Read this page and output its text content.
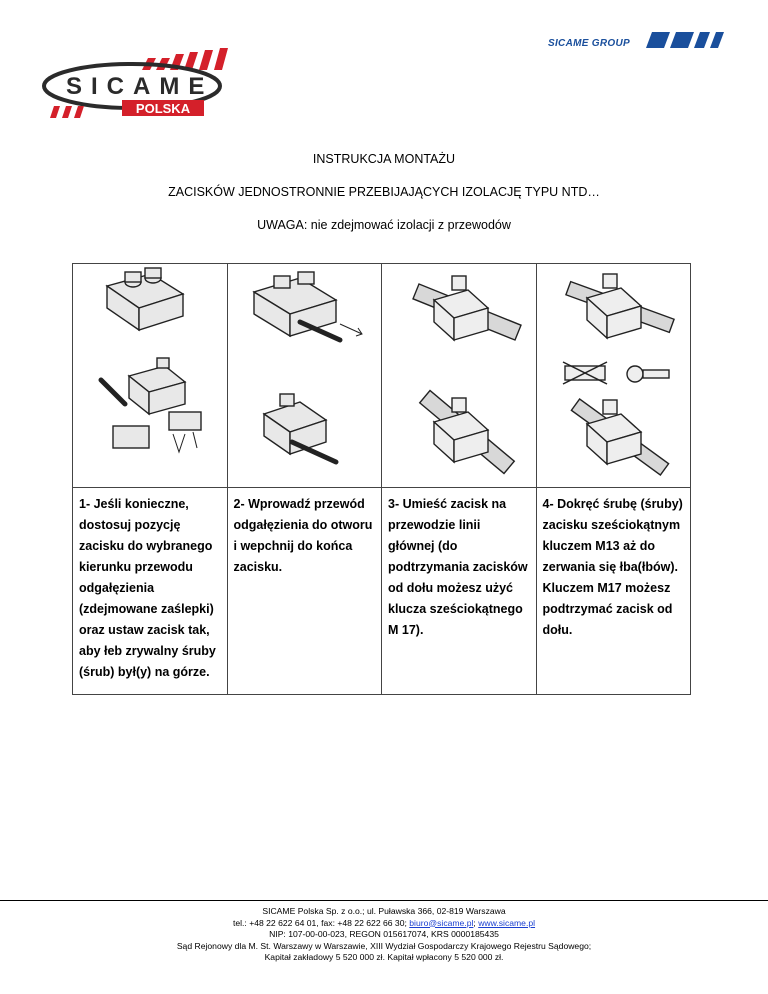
SICAME
POLSKA
SICAME GROUP
INSTRUKCJA MONTAŻU
ZACISKÓW JEDNOSTRONNIE PRZEBIJAJĄCYCH IZOLACJĘ TYPU NTD…
UWAGA: nie zdejmować izolacji z przewodów

1- Jeśli konieczne, dostosuj pozycję zacisku do wybranego kierunku przewodu odgałęzienia (zdejmowane zaślepki) oraz ustaw zacisk tak, aby łeb zrywalny śruby (śrub) był(y) na górze.	2- Wprowadź przewód odgałęzienia do otworu i wepchnij do końca zacisku.	3- Umieść zacisk na przewodzie linii głównej (do podtrzymania zacisków od dołu możesz użyć klucza sześciokątnego M 17).	4- Dokręć śrubę (śruby) zacisku sześciokątnym kluczem M13 aż do zerwania się łba(łbów). Kluczem M17 możesz podtrzymać zacisk od dołu.
SICAME Polska Sp. z o.o.; ul. Puławska 366, 02-819 Warszawa
tel.: +48 22 622 64 01, fax: +48 22 622 66 30; biuro@sicame.pl; www.sicame.pl
NIP: 107-00-00-023, REGON 015617074, KRS 0000185435
Sąd Rejonowy dla M. St. Warszawy w Warszawie, XIII Wydział Gospodarczy Krajowego Rejestru Sądowego;
Kapitał zakładowy 5 520 000 zł. Kapitał wpłacony 5 520 000 zł.
